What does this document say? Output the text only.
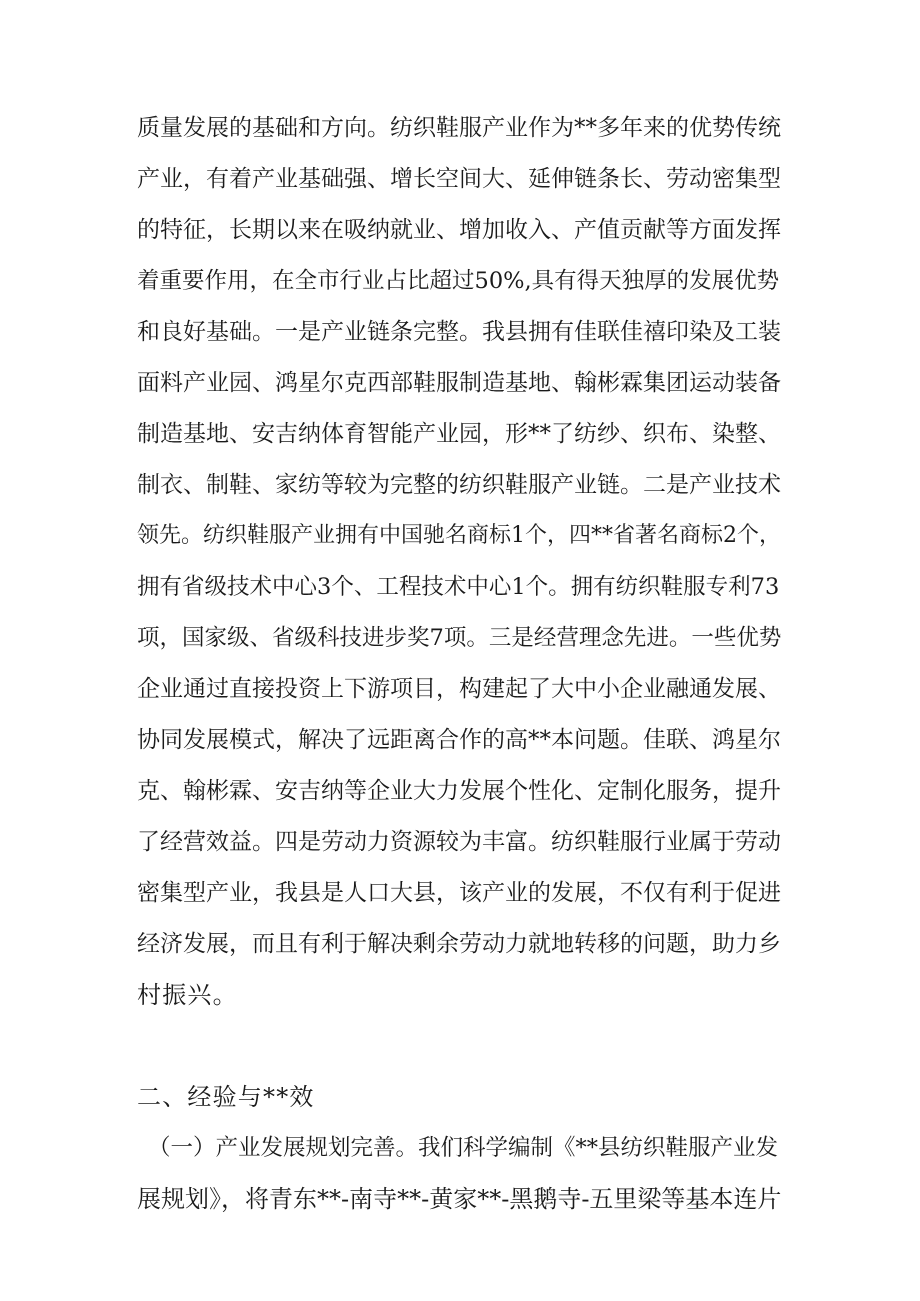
质量发展的基础和方向。纺织鞋服产业作为**多年来的优势传统
产业，有着产业基础强、增长空间大、延伸链条长、劳动密集型
的特征，长期以来在吸纳就业、增加收入、产值贡献等方面发挥
着重要作用，在全市行业占比超过50%,具有得天独厚的发展优势
和良好基础。一是产业链条完整。我县拥有佳联佳禧印染及工装
面料产业园、鸿星尔克西部鞋服制造基地、翰彬霖集团运动装备
制造基地、安吉纳体育智能产业园，形**了纺纱、织布、染整、
制衣、制鞋、家纺等较为完整的纺织鞋服产业链。二是产业技术
领先。纺织鞋服产业拥有中国驰名商标1个，四**省著名商标2个，
拥有省级技术中心3个、工程技术中心1个。拥有纺织鞋服专利73
项，国家级、省级科技进步奖7项。三是经营理念先进。一些优势
企业通过直接投资上下游项目，构建起了大中小企业融通发展、
协同发展模式，解决了远距离合作的高**本问题。佳联、鸿星尔
克、翰彬霖、安吉纳等企业大力发展个性化、定制化服务，提升
了经营效益。四是劳动力资源较为丰富。纺织鞋服行业属于劳动
密集型产业，我县是人口大县，该产业的发展，不仅有利于促进
经济发展，而且有利于解决剩余劳动力就地转移的问题，助力乡
村振兴。
二、经验与**效
（一）产业发展规划完善。我们科学编制《**县纺织鞋服产业发
展规划》，将青东**-南寺**-黄家**-黑鹅寺-五里梁等基本连片
